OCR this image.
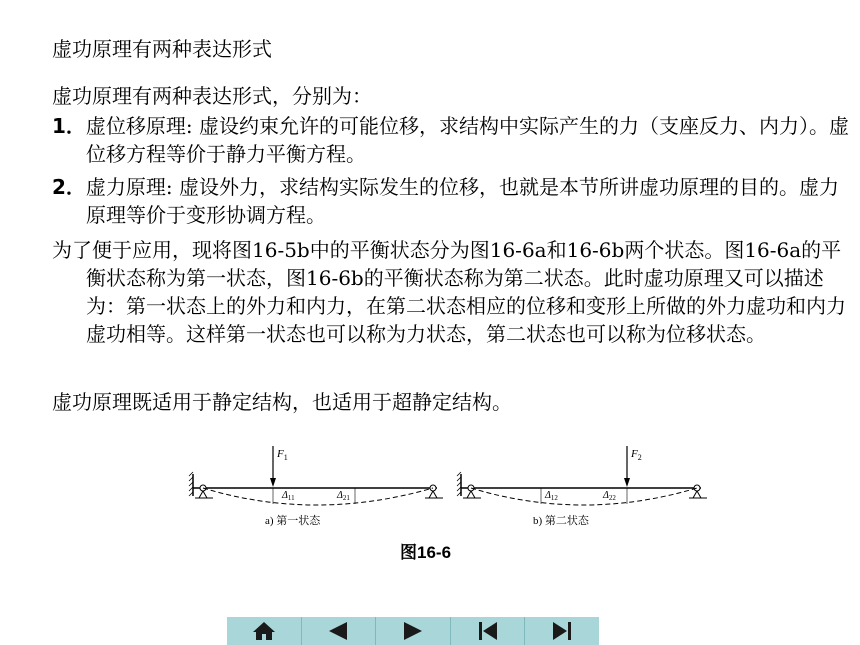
虚功原理有两种表达形式
虚功原理有两种表达形式，分别为：
1．虚位移原理: 虚设约束允许的可能位移，求结构中实际产生的力（支座反力、内力）。虚位移方程等价于静力平衡方程。
2．虚力原理: 虚设外力，求结构实际发生的位移，也就是本节所讲虚功原理的目的。虚力原理等价于变形协调方程。
为了便于应用，现将图16-5b中的平衡状态分为图16-6a和16-6b两个状态。图16-6a的平衡状态称为第一状态，图16-6b的平衡状态称为第二状态。此时虚功原理又可以描述为：第一状态上的外力和内力，在第二状态相应的位移和变形上所做的外力虚功和内力虚功相等。这样第一状态也可以称为力状态，第二状态也可以称为位移状态。
虚功原理既适用于静定结构，也适用于超静定结构。
$F_1$
$\Delta_{11}$	$\Delta_{21}$
a) 第一状态
$F_2$
$\Delta_{12}$	$\Delta_{22}$
b) 第二状态
图16-6
